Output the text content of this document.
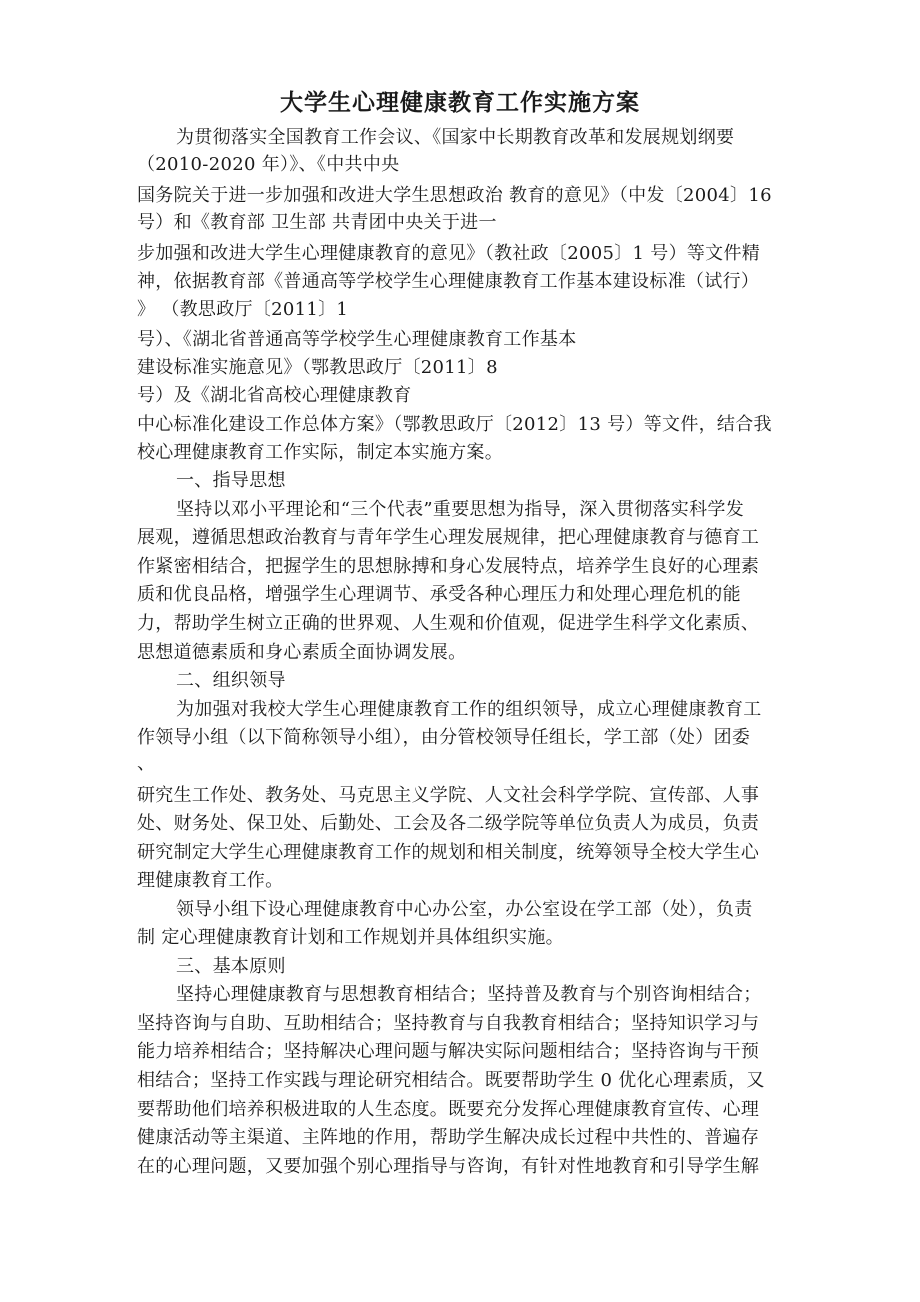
大学生心理健康教育工作实施方案
为贯彻落实全国教育工作会议、《国家中长期教育改革和发展规划纲要
（2010-2020 年）》、《中共中央
国务院关于进一步加强和改进大学生思想政治 教育的意见》（中发〔2004〕16
号）和《教育部 卫生部 共青团中央关于进一
步加强和改进大学生心理健康教育的意见》（教社政〔2005〕1 号）等文件精
神，依据教育部《普通高等学校学生心理健康教育工作基本建设标准（试行）
》 （教思政厅〔2011〕1
号）、《湖北省普通高等学校学生心理健康教育工作基本
建设标准实施意见》（鄂教思政厅〔2011〕8
号）及《湖北省高校心理健康教育
中心标准化建设工作总体方案》（鄂教思政厅〔2012〕13 号）等文件，结合我
校心理健康教育工作实际，制定本实施方案。
一、指导思想
坚持以邓小平理论和“三个代表”重要思想为指导，深入贯彻落实科学发
展观，遵循思想政治教育与青年学生心理发展规律，把心理健康教育与德育工
作紧密相结合，把握学生的思想脉搏和身心发展特点，培养学生良好的心理素
质和优良品格，增强学生心理调节、承受各种心理压力和处理心理危机的能
力，帮助学生树立正确的世界观、人生观和价值观，促进学生科学文化素质、
思想道德素质和身心素质全面协调发展。
二、组织领导
为加强对我校大学生心理健康教育工作的组织领导，成立心理健康教育工
作领导小组（以下简称领导小组），由分管校领导任组长，学工部（处）团委
、
研究生工作处、教务处、马克思主义学院、人文社会科学学院、宣传部、人事
处、财务处、保卫处、后勤处、工会及各二级学院等单位负责人为成员，负责
研究制定大学生心理健康教育工作的规划和相关制度，统筹领导全校大学生心
理健康教育工作。
领导小组下设心理健康教育中心办公室，办公室设在学工部（处），负责
制 定心理健康教育计划和工作规划并具体组织实施。
三、基本原则
坚持心理健康教育与思想教育相结合；坚持普及教育与个别咨询相结合；
坚持咨询与自助、互助相结合；坚持教育与自我教育相结合；坚持知识学习与
能力培养相结合；坚持解决心理问题与解决实际问题相结合；坚持咨询与干预
相结合；坚持工作实践与理论研究相结合。既要帮助学生 0 优化心理素质，又
要帮助他们培养积极进取的人生态度。既要充分发挥心理健康教育宣传、心理
健康活动等主渠道、主阵地的作用，帮助学生解决成长过程中共性的、普遍存
在的心理问题，又要加强个别心理指导与咨询，有针对性地教育和引导学生解
